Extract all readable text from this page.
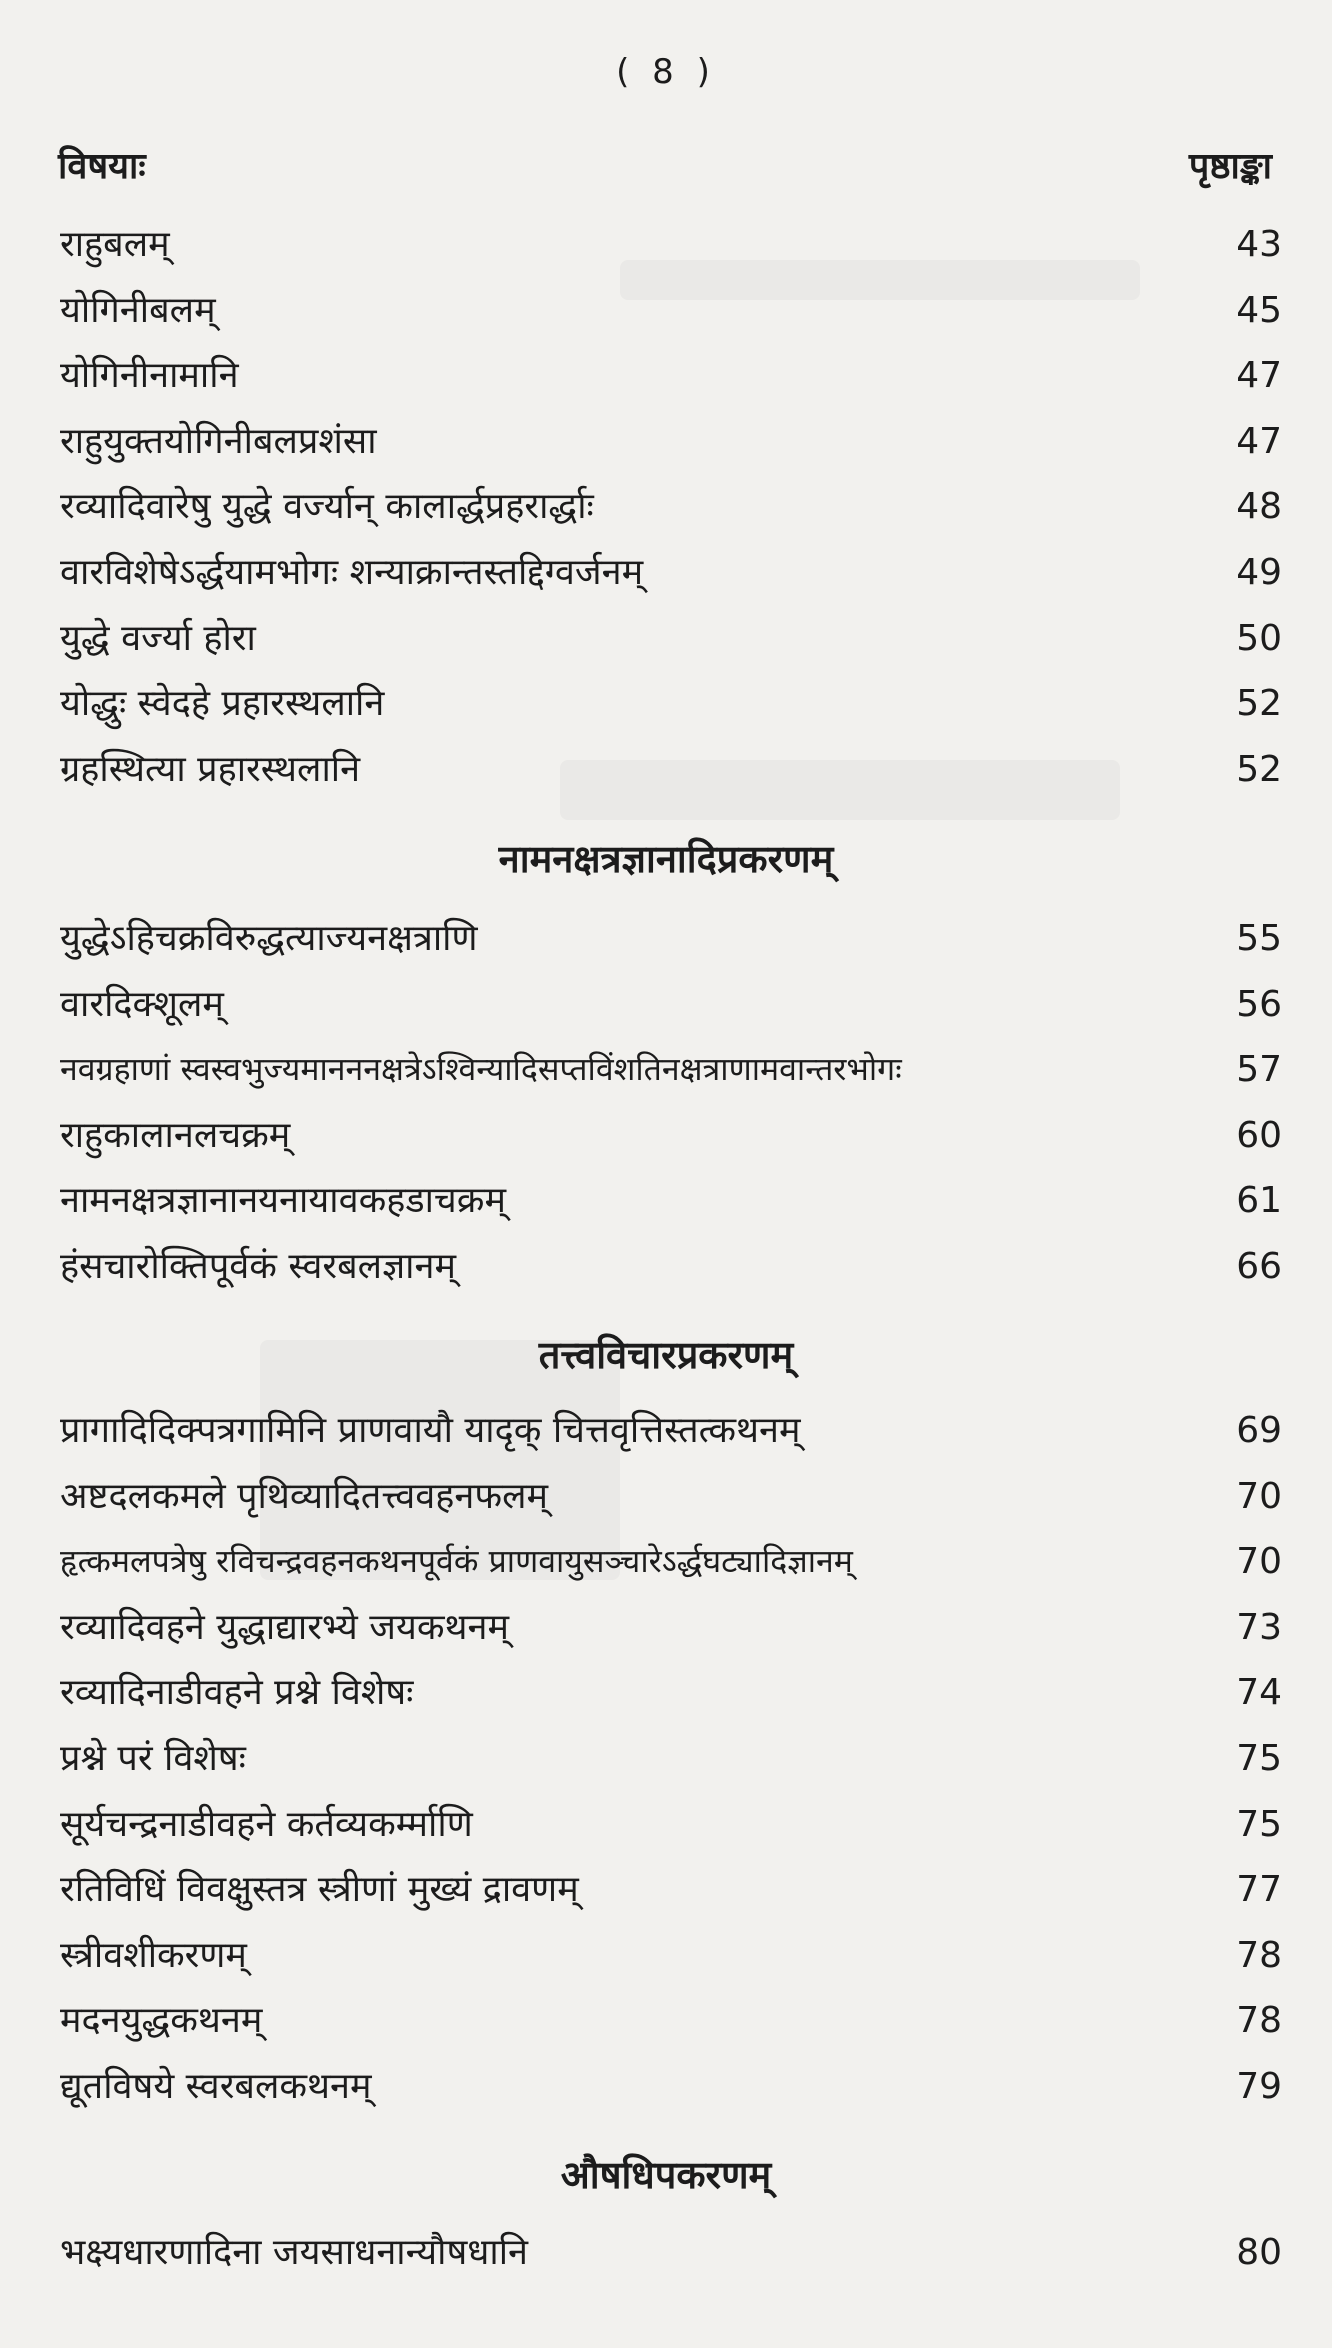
( 8 )
विषयाः	पृष्ठाङ्का
राहुबलम्	43
योगिनीबलम्	45
योगिनीनामानि	47
राहुयुक्तयोगिनीबलप्रशंसा	47
रव्यादिवारेषु युद्धे वर्ज्यान् कालार्द्धप्रहरार्द्धाः	48
वारविशेषेऽर्द्धयामभोगः शन्याक्रान्तस्तद्दिग्वर्जनम्	49
युद्धे वर्ज्या होरा	50
योद्धुः स्वेदहे प्रहारस्थलानि	52
ग्रहस्थित्या प्रहारस्थलानि	52
नामनक्षत्रज्ञानादिप्रकरणम्
युद्धेऽहिचक्रविरुद्धत्याज्यनक्षत्राणि	55
वारदिक्शूलम्	56
नवग्रहाणां स्वस्वभुज्यमानननक्षत्रेऽश्विन्यादिसप्तविंशतिनक्षत्राणामवान्तरभोगः	57
राहुकालानलचक्रम्	60
नामनक्षत्रज्ञानानयनायावकहडाचक्रम्	61
हंसचारोक्तिपूर्वकं स्वरबलज्ञानम्	66
तत्त्वविचारप्रकरणम्
प्रागादिदिक्पत्रगामिनि प्राणवायौ यादृक् चित्तवृत्तिस्तत्कथनम्	69
अष्टदलकमले पृथिव्यादितत्त्ववहनफलम्	70
हृत्कमलपत्रेषु रविचन्द्रवहनकथनपूर्वकं प्राणवायुसञ्चारेऽर्द्धघट्यादिज्ञानम्	70
रव्यादिवहने युद्धाद्यारभ्ये जयकथनम्	73
रव्यादिनाडीवहने प्रश्ने विशेषः	74
प्रश्ने परं विशेषः	75
सूर्यचन्द्रनाडीवहने कर्तव्यकर्म्माणि	75
रतिविधिं विवक्षुस्तत्र स्त्रीणां मुख्यं द्रावणम्	77
स्त्रीवशीकरणम्	78
मदनयुद्धकथनम्	78
द्यूतविषये स्वरबलकथनम्	79
औषधिपकरणम्
भक्ष्यधारणादिना जयसाधनान्यौषधानि	80
